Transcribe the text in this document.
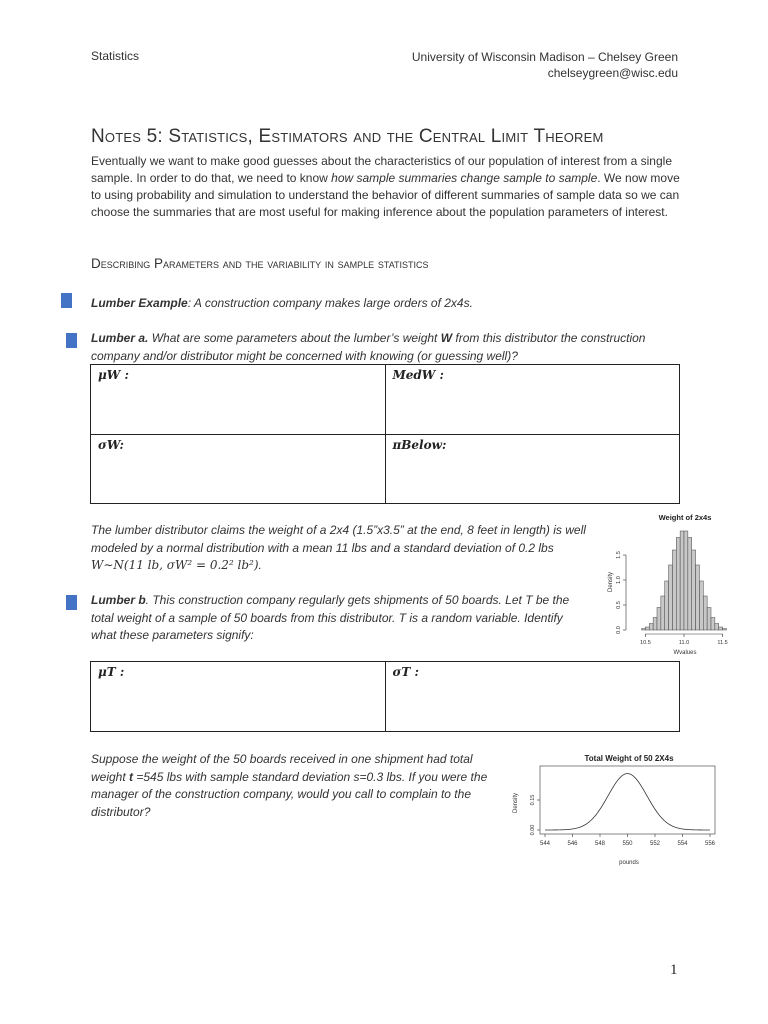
Statistics	University of Wisconsin Madison – Chelsey Green
chelseygreen@wisc.edu
Notes 5: Statistics, Estimators and the Central Limit Theorem
Eventually we want to make good guesses about the characteristics of our population of interest from a single sample. In order to do that, we need to know how sample summaries change sample to sample. We now move to using probability and simulation to understand the behavior of different summaries of sample data so we can choose the summaries that are most useful for making inference about the population parameters of interest.
Describing Parameters and the variability in sample statistics
Lumber Example: A construction company makes large orders of 2x4s.
Lumber a. What are some parameters about the lumber’s weight W from this distributor the construction company and/or distributor might be concerned with knowing (or guessing well)?
μW :	MedW :
σW:	πBelow:
The lumber distributor claims the weight of a 2x4 (1.5”x3.5” at the end, 8 feet in length) is well modeled by a normal distribution with a mean 11 lbs and a standard deviation of 0.2 lbs W∼N(11 lb, σW² = 0.2² lb²).
Weight of 2x4s
Density
Wvalues
0.0
0.5
1.0
1.5
10.5	11.0	11.5
Lumber b. This construction company regularly gets shipments of 50 boards. Let T be the total weight of a sample of 50 boards from this distributor. T is a random variable. Identify what these parameters signify:
μT :	σT :
Suppose the weight of the 50 boards received in one shipment had total weight t =545 lbs with sample standard deviation s=0.3 lbs. If you were the manager of the construction company, would you call to complain to the distributor?
Total Weight of 50 2X4s
Density
pounds
544	546	548	550	552	554	556
0.00
0.15
1
